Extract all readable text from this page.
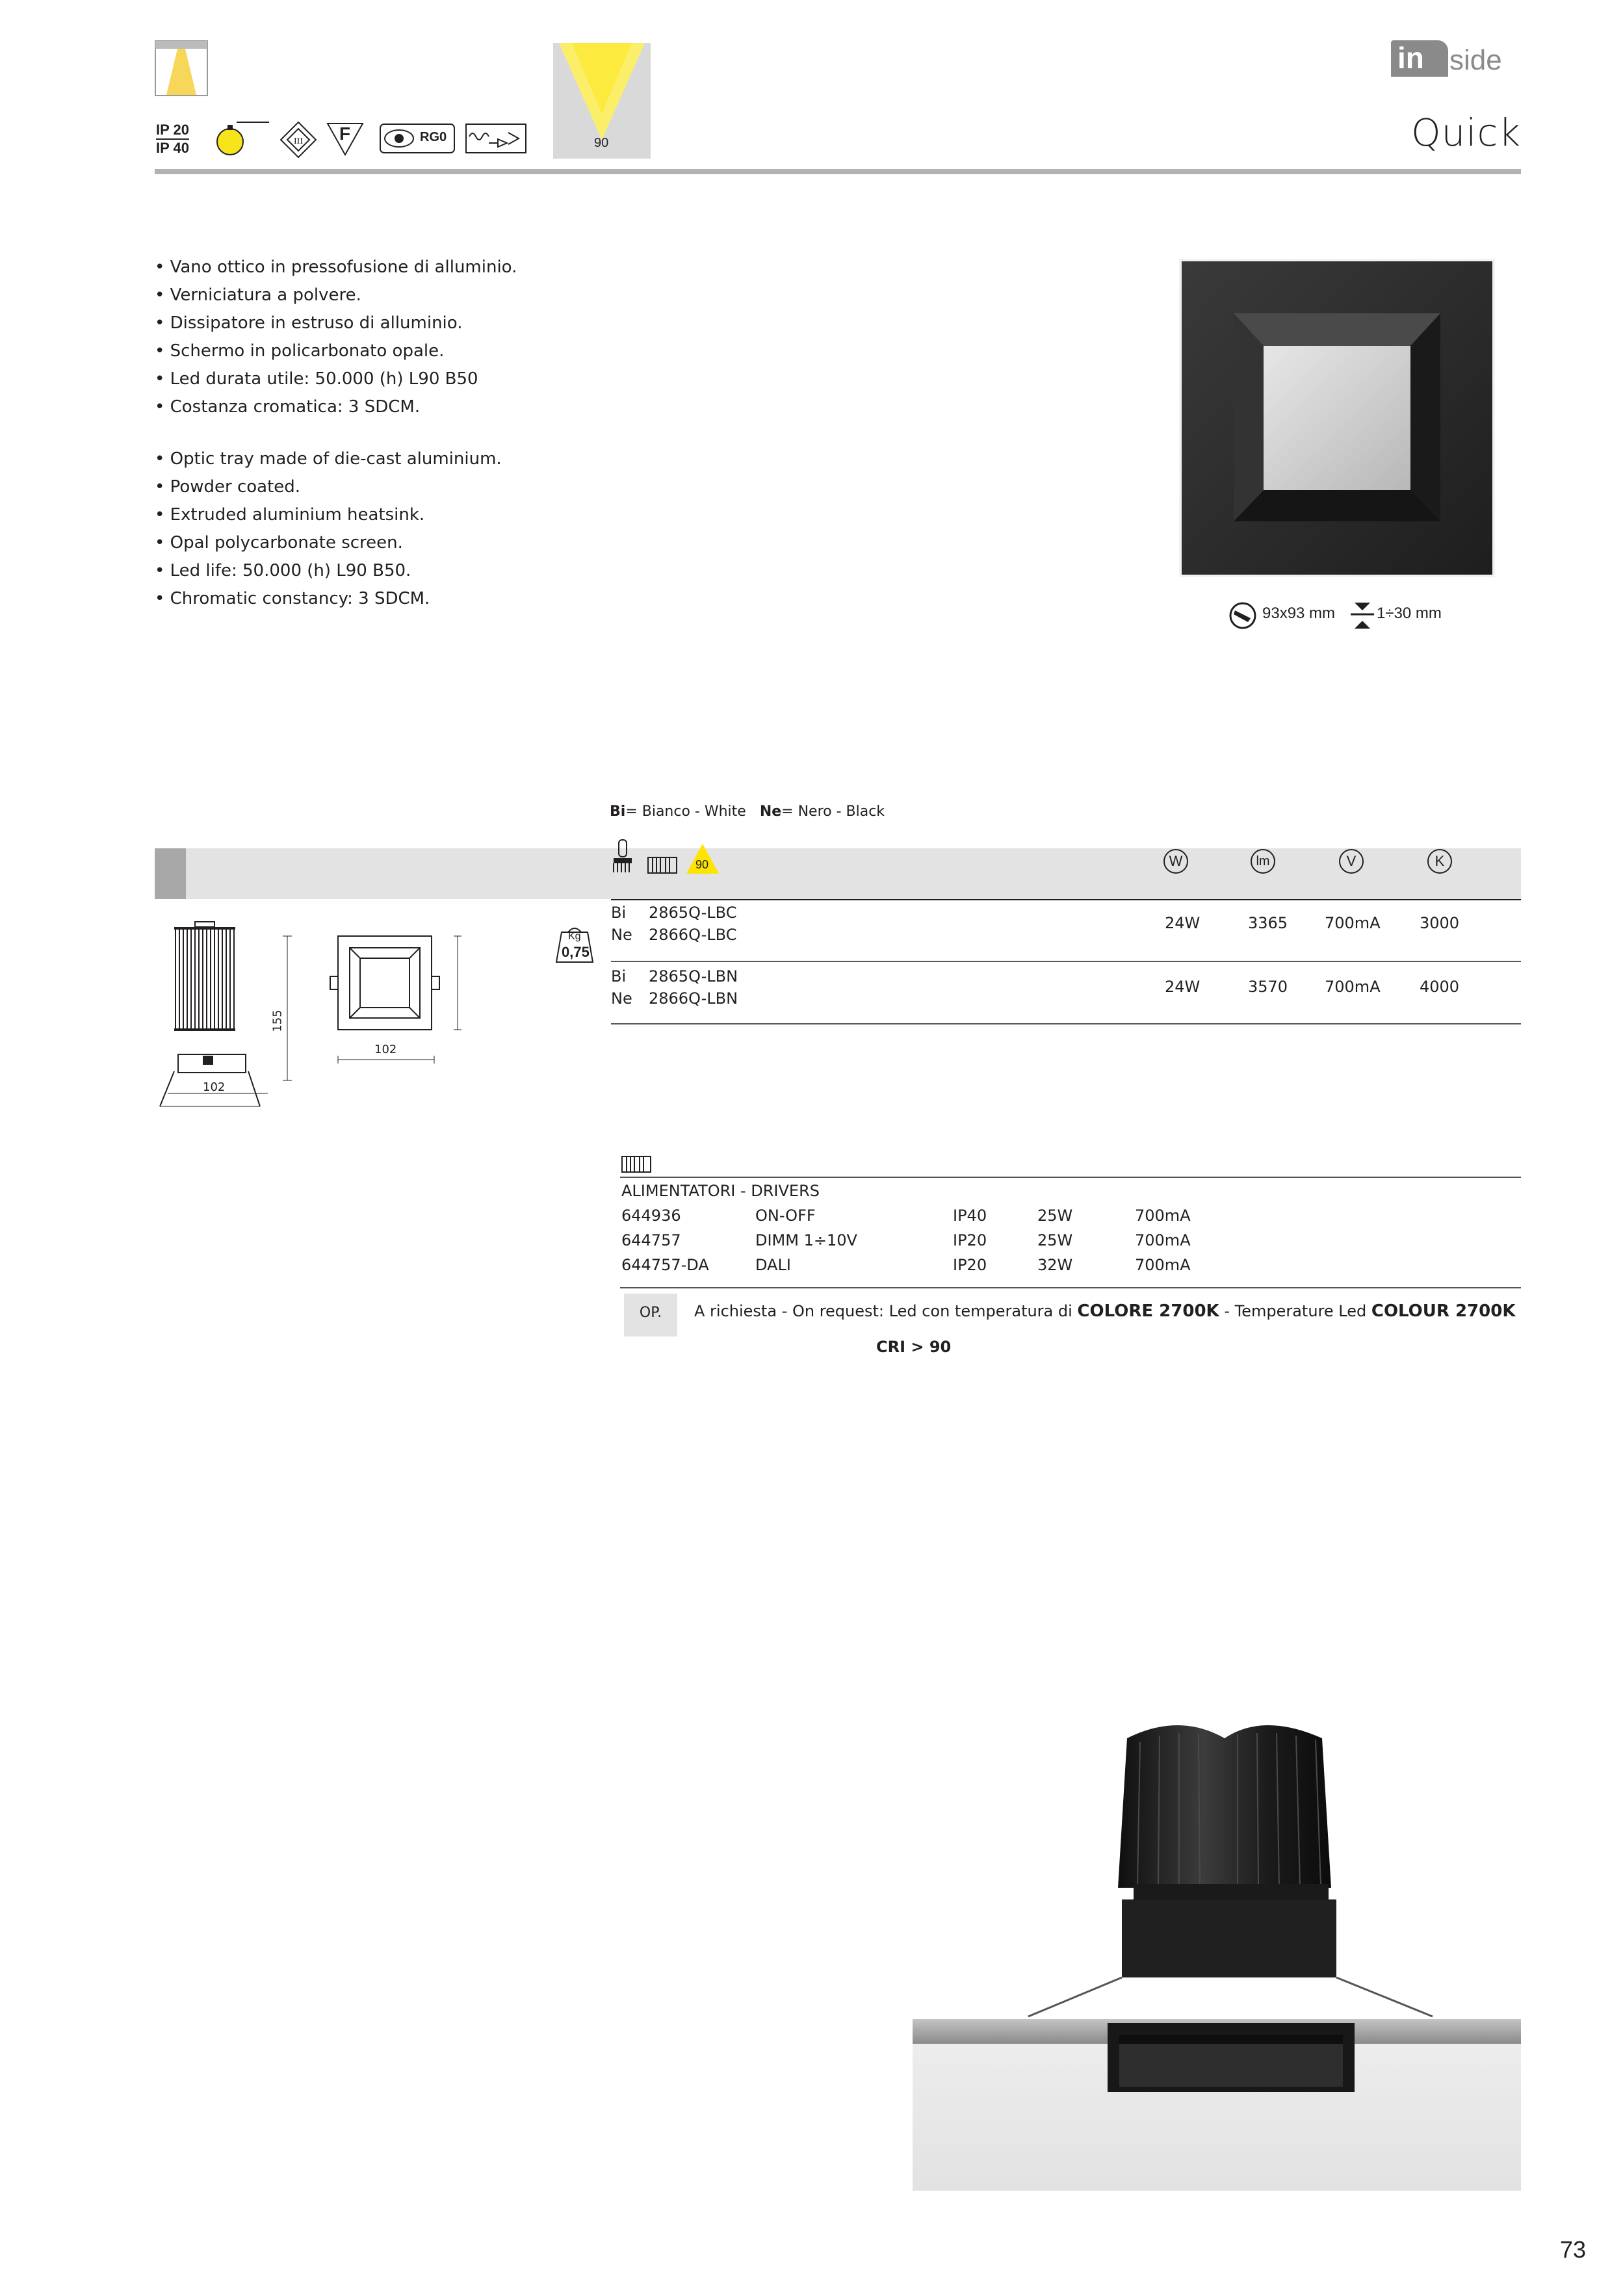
90
IP 20
IP 40	III F	RG0
in side
Quick
• Vano ottico in pressofusione di alluminio.
• Verniciatura a polvere.
• Dissipatore in estruso di alluminio.
• Schermo in policarbonato opale.
• Led durata utile: 50.000 (h) L90 B50
• Costanza cromatica: 3 SDCM.
• Optic tray made of die-cast aluminium.
• Powder coated.
• Extruded aluminium heatsink.
• Opal polycarbonate screen.
• Led life: 50.000 (h) L90 B50.
• Chromatic constancy: 3 SDCM.
93x93 mm	1÷30 mm
Bi= Bianco - White Ne= Nero - Black
90	W	lm	V	K
155
102
102
Kg
0,75
Bi 2865Q-LBC
Ne 2866Q-LBC
24W	3365 700mA	3000
Bi 2865Q-LBN
Ne 2866Q-LBN
24W	3570 700mA	4000
ALIMENTATORI - DRIVERS
644936	ON-OFF	IP40	25W	700mA
644757	DIMM 1÷10V	IP20	25W	700mA
644757-DA	DALI	IP20	32W	700mA
OP.	A richiesta - On request: Led con temperatura di COLORE 2700K - Temperature Led COLOUR 2700K
CRI > 90
73
